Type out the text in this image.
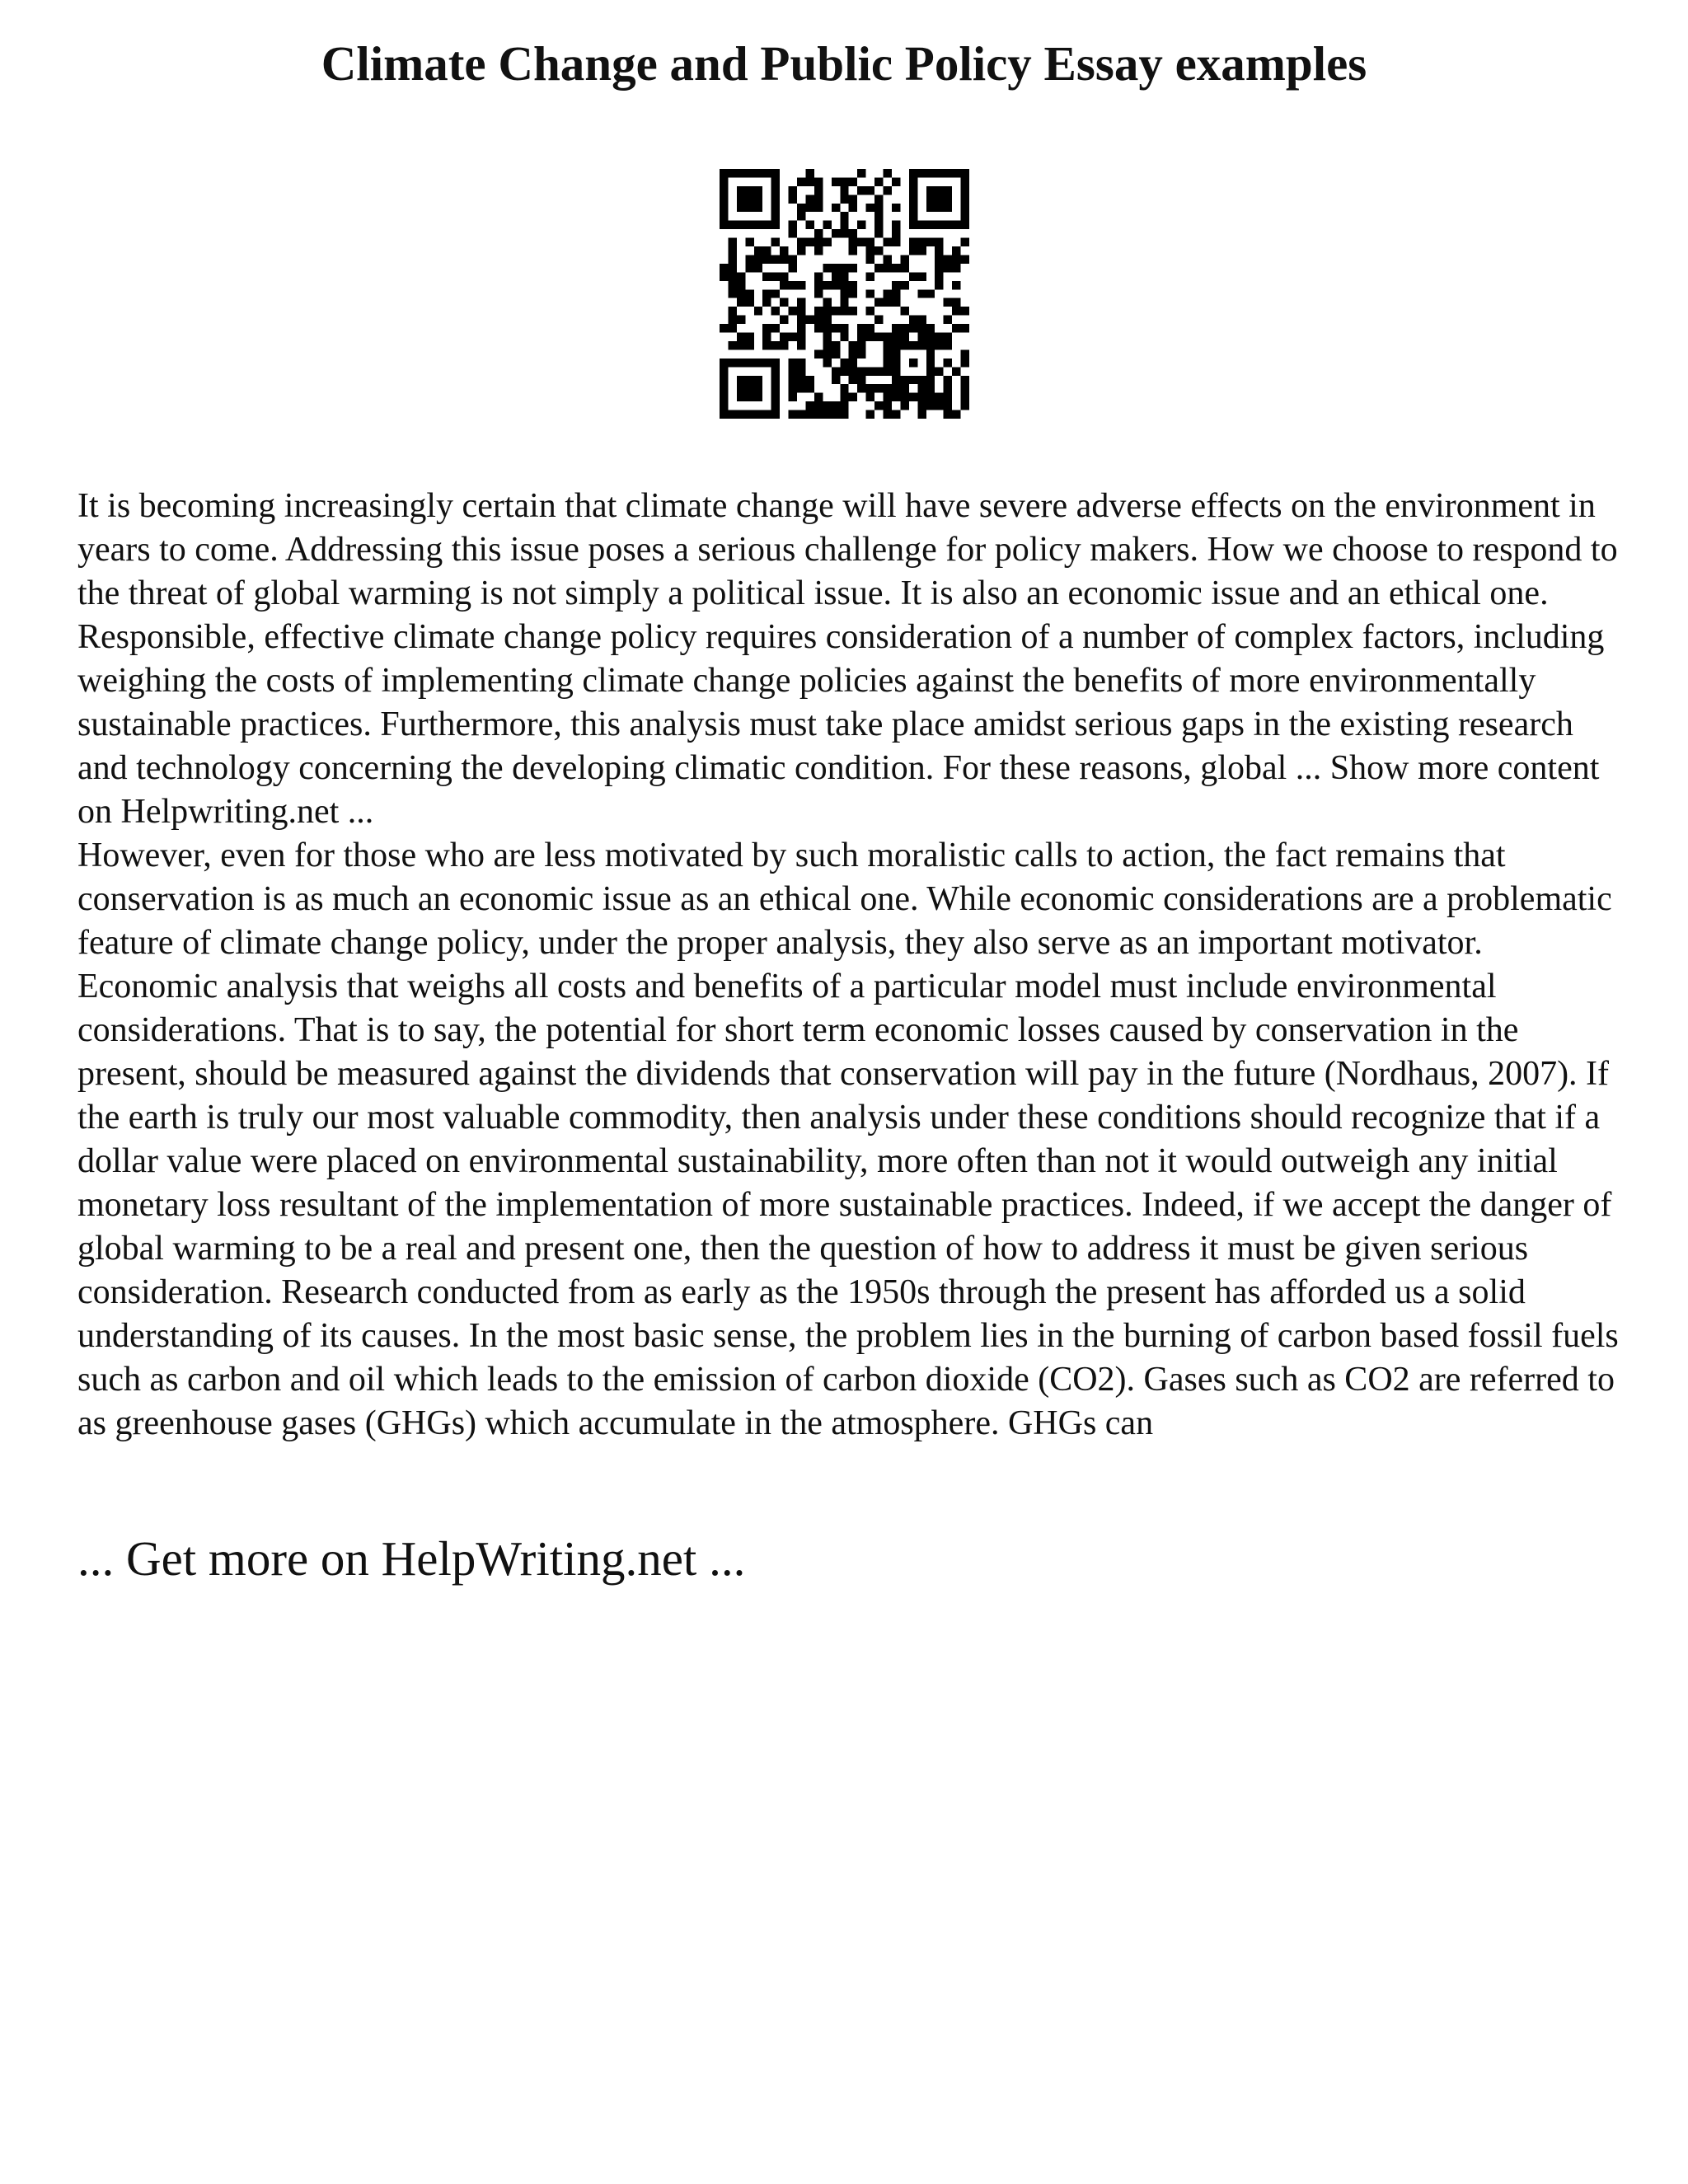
Climate Change and Public Policy Essay examples
It is becoming increasingly certain that climate change will have severe adverse effects on the environment in years to come. Addressing this issue poses a serious challenge for policy makers. How we choose to respond to the threat of global warming is not simply a political issue. It is also an economic issue and an ethical one. Responsible, effective climate change policy requires consideration of a number of complex factors, including weighing the costs of implementing climate change policies against the benefits of more environmentally sustainable practices. Furthermore, this analysis must take place amidst serious gaps in the existing research and technology concerning the developing climatic condition. For these reasons, global ... Show more content on Helpwriting.net ...
However, even for those who are less motivated by such moralistic calls to action, the fact remains that conservation is as much an economic issue as an ethical one. While economic considerations are a problematic feature of climate change policy, under the proper analysis, they also serve as an important motivator. Economic analysis that weighs all costs and benefits of a particular model must include environmental considerations. That is to say, the potential for short term economic losses caused by conservation in the present, should be measured against the dividends that conservation will pay in the future (Nordhaus, 2007). If the earth is truly our most valuable commodity, then analysis under these conditions should recognize that if a dollar value were placed on environmental sustainability, more often than not it would outweigh any initial monetary loss resultant of the implementation of more sustainable practices. Indeed, if we accept the danger of global warming to be a real and present one, then the question of how to address it must be given serious consideration. Research conducted from as early as the 1950s through the present has afforded us a solid understanding of its causes. In the most basic sense, the problem lies in the burning of carbon based fossil fuels such as carbon and oil which leads to the emission of carbon dioxide (CO2). Gases such as CO2 are referred to as greenhouse gases (GHGs) which accumulate in the atmosphere. GHGs can

... Get more on HelpWriting.net ...
